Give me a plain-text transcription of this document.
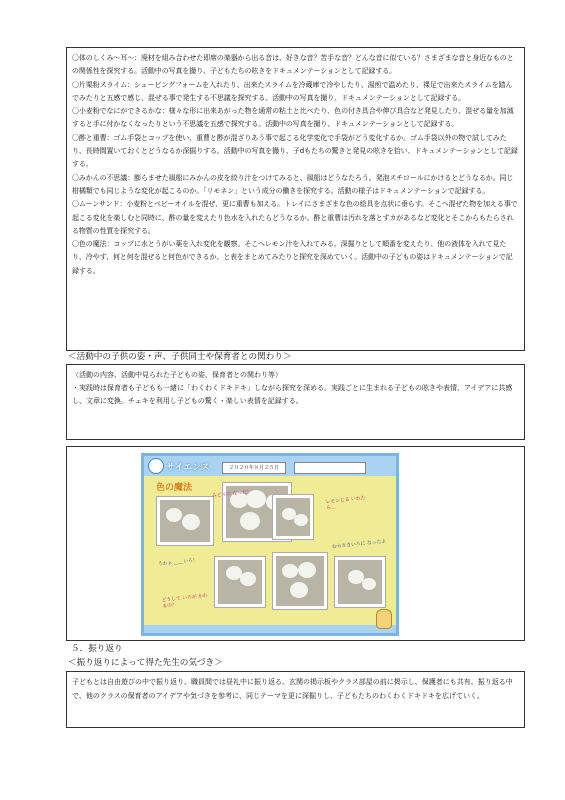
〇体のしくみ〜耳〜：廃材を組み合わせた即席の楽器から出る音は、好きな音？苦手な音？どんな音に似ている？さまざまな音と身近なものとの関係性を探究する。活動中の写真を撮り、子どもたちの呟きをドキュメンテーションとして記録する。

〇片栗粉スライム：シェービングフォームを入れたり、出来たスライムを冷蔵庫で冷やしたり、湯煎で温めたり、裸足で出来たスライムを踏んでみたりと五感で感じ、混ぜる事で発生する不思議を探究する。活動中の写真を撮り、ドキュメンテーションとして記録する。

〇小麦粉でなにができるかな：様々な形に出来あがった物を通常の粘土と比べたり、色の付き具合や伸び具合など発見したり、混ぜる量を加減すると手に付かなくなったりという不思議を五感で探究する。活動中の写真を撮り、ドキュメンテーションとして記録する。

〇酢と重曹：ゴム手袋とコップを使い、重曹と酢が混ざりあう事で起こる化学変化で手袋がどう変化するか。ゴム手袋以外の物で試してみたり、長時間置いておくとどうなるか深掘りする。活動中の写真を撮り、子dもたちの驚きと発見の呟きを拾い、ドキュメンテーションとして記録する。

〇みかんの不思議：膨らませた風船にみかんの皮を絞り汁をつけてみると、風船はどうなたろう。発泡スチロールにかけるとどうなるか。同じ柑橘類でも同じような変化が起こるのか。「リモネン」という成分の働きを探究する。活動の様子はドキュメンテーションで記録する。

〇ムーンサンド：小麦粉とベビーオイルを混ぜ、更に重曹も加える。トレイにさまざまな色の絵具を点状に垂らす。そこへ混ぜた物を加える事で起こる変化を楽しむと同時に、酢の量を変えたり色水を入れたらどうなるか。酢と重曹は汚れを落とすカがあるなど変化とそこからもたらされる物質の性質を探究する。

〇色の魔法：コップに水とうがい薬を入れ変化を観察。そこへレモン汁を入れてみる。深掘りとして順番を変えたり、他の液体を入れて見たり、冷やす、何と何を混ぜると何色ができるか、と表をまとめてみたりと探究を深めていく。活動中の子どもの姿はドキュメンテーションで記録する。

＜活動中の子供の姿・声、子供同士や保育者との関わり＞

（活動の内容、活動中見られた子どもの姿、保育者との関わり等）

・実践時は保育者も子どもも一緒に「わくわくドキドキ」しながら探究を深める。実践ごとに生まれる子どもの呟きや表情、アイデアに共感し、文章に変換。チェキを利用し子どもの驚く・楽しい表情を記録する。

サイエンス	２０２０年８月２５日
色の魔法
みどりに なった！
うわぁ ＿＿いろ！
レモンじる いれたら…
むらさきいろに なったよ
どうして いろが かわるの？
５．振り返り
＜振り返りによって得た先生の気づき＞

子どもとは自由遊びの中で振り返り、職員間では昼礼中に振り返る。玄関の掲示板やクラス部屋の前に掲示し、保護者にも共有。振り返る中で、他のクラスの保育者のアイデアや気づきを参考に、同じテーマを更に深掘りし、子どもたちのわくわくドキドキを広げていく。
